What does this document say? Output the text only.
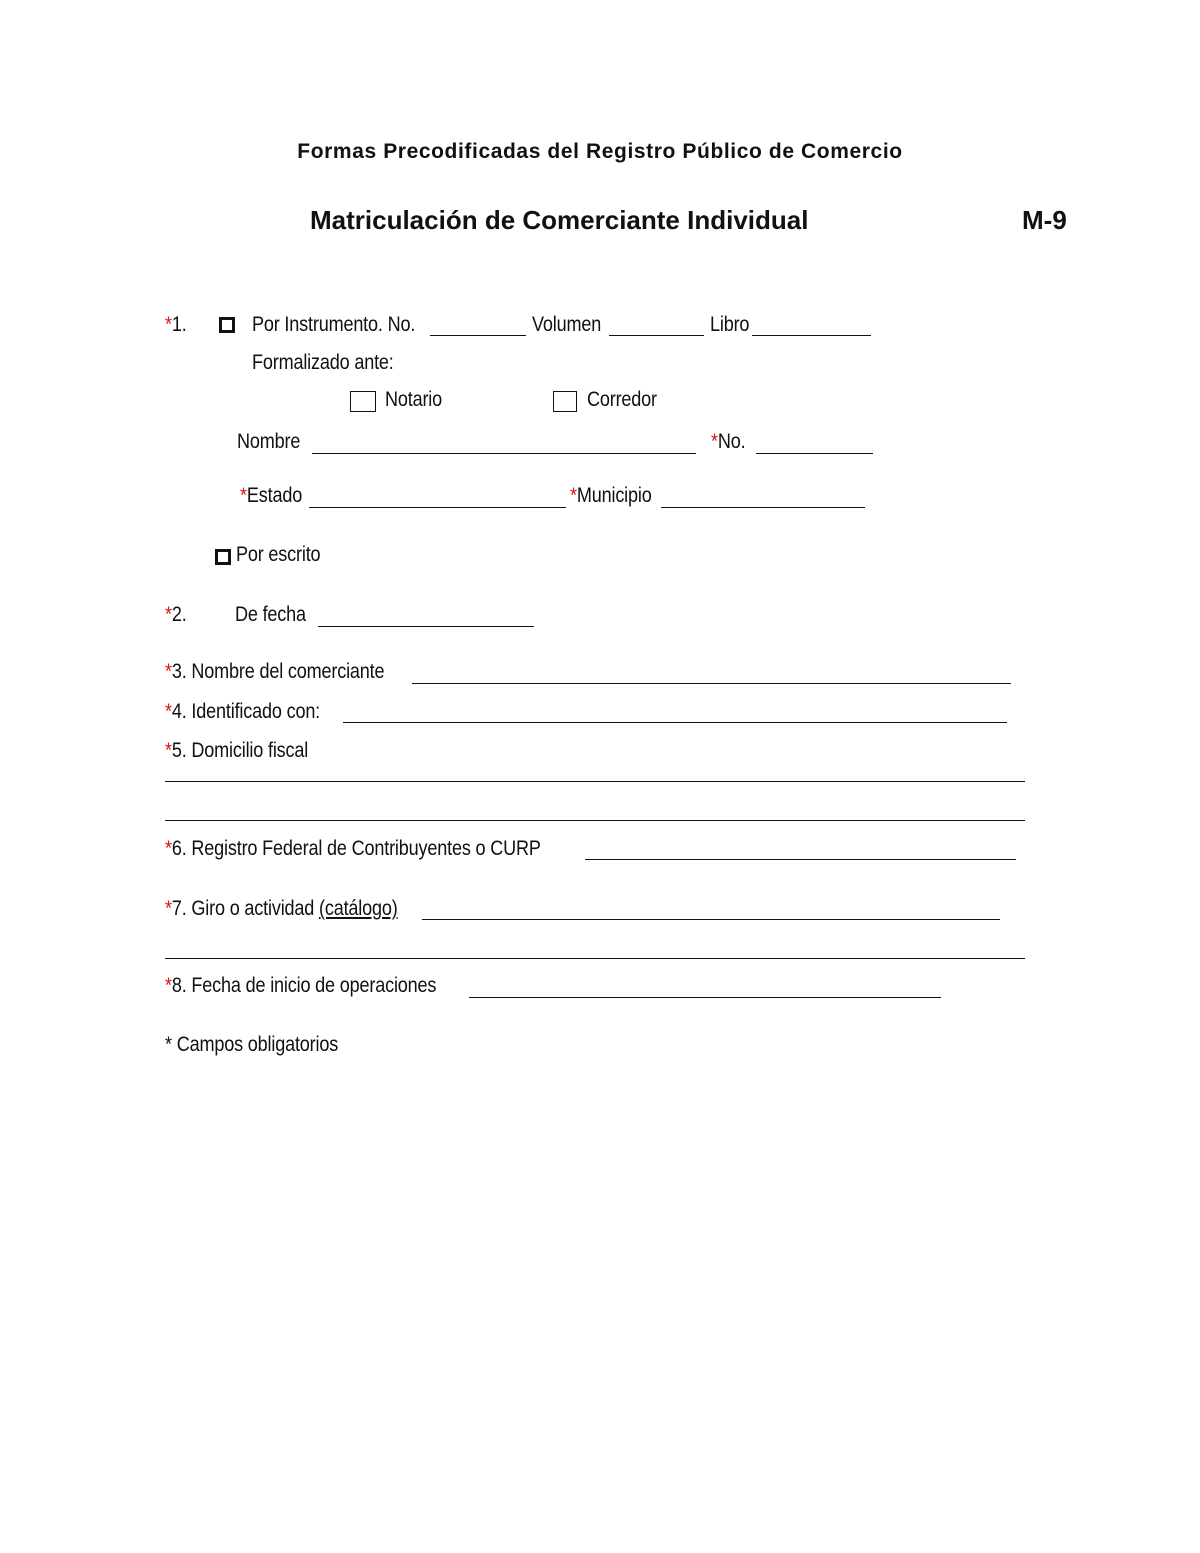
Formas Precodificadas del Registro Público de Comercio
Matriculación de Comerciante Individual	M-9
*1.	Por Instrumento. No.	Volumen	Libro
Formalizado ante:
Notario	Corredor
Nombre	*No.
*Estado	*Municipio
Por escrito
*2. De fecha
*3. Nombre del comerciante
*4. Identificado con:
*5. Domicilio fiscal
*6. Registro Federal de Contribuyentes o CURP
*7. Giro o actividad (catálogo)
*8. Fecha de inicio de operaciones
* Campos obligatorios
